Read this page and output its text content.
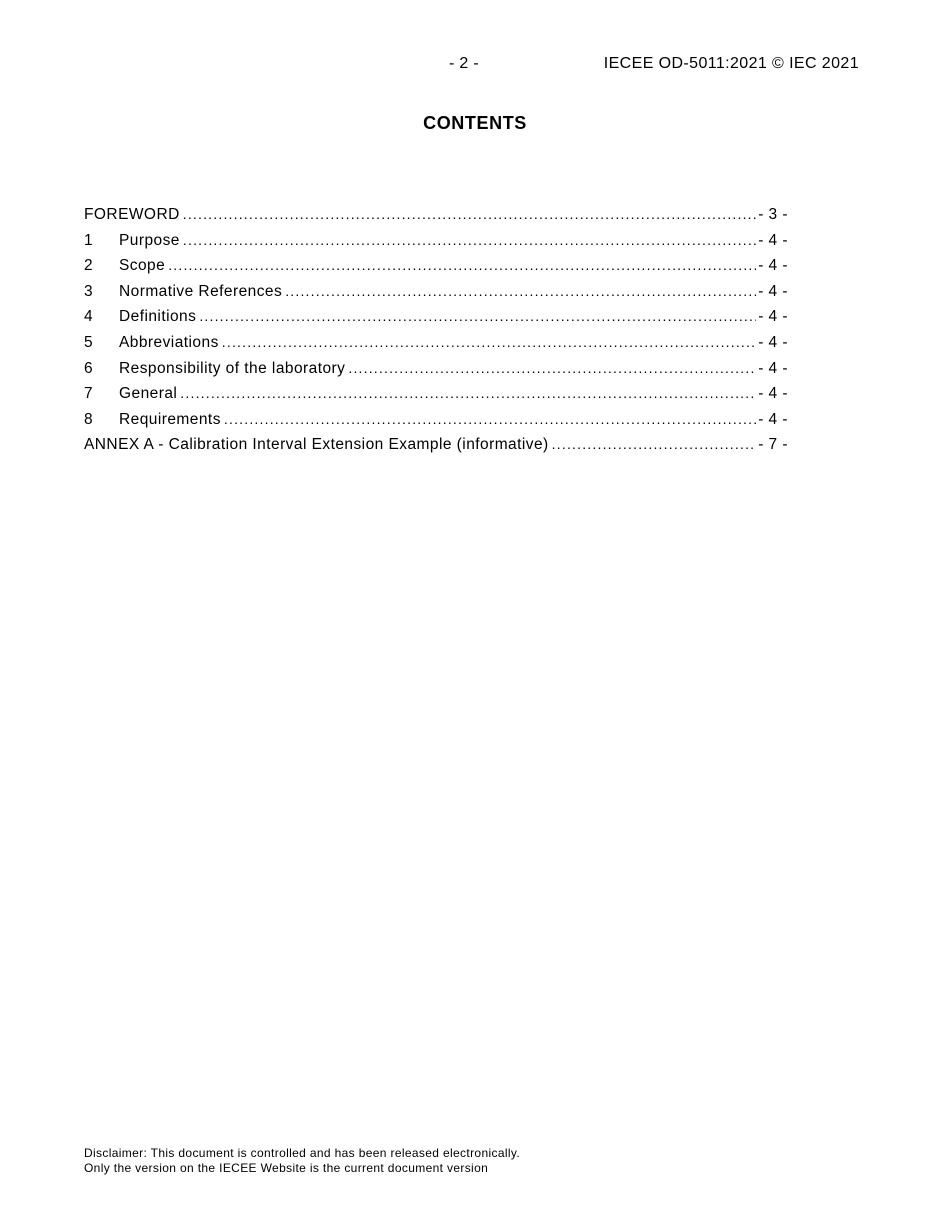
- 2 -	IECEE OD-5011:2021 © IEC 2021
CONTENTS
FOREWORD .....	- 3 -
1	Purpose .....	- 4 -
2	Scope .....	- 4 -
3	Normative References .....	- 4 -
4	Definitions .....	- 4 -
5	Abbreviations .....	- 4 -
6	Responsibility of the laboratory .....	- 4 -
7	General .....	- 4 -
8	Requirements .....	- 4 -
ANNEX A - Calibration Interval Extension Example (informative) .....	- 7 -
Disclaimer: This document is controlled and has been released electronically.
Only the version on the IECEE Website is the current document version
